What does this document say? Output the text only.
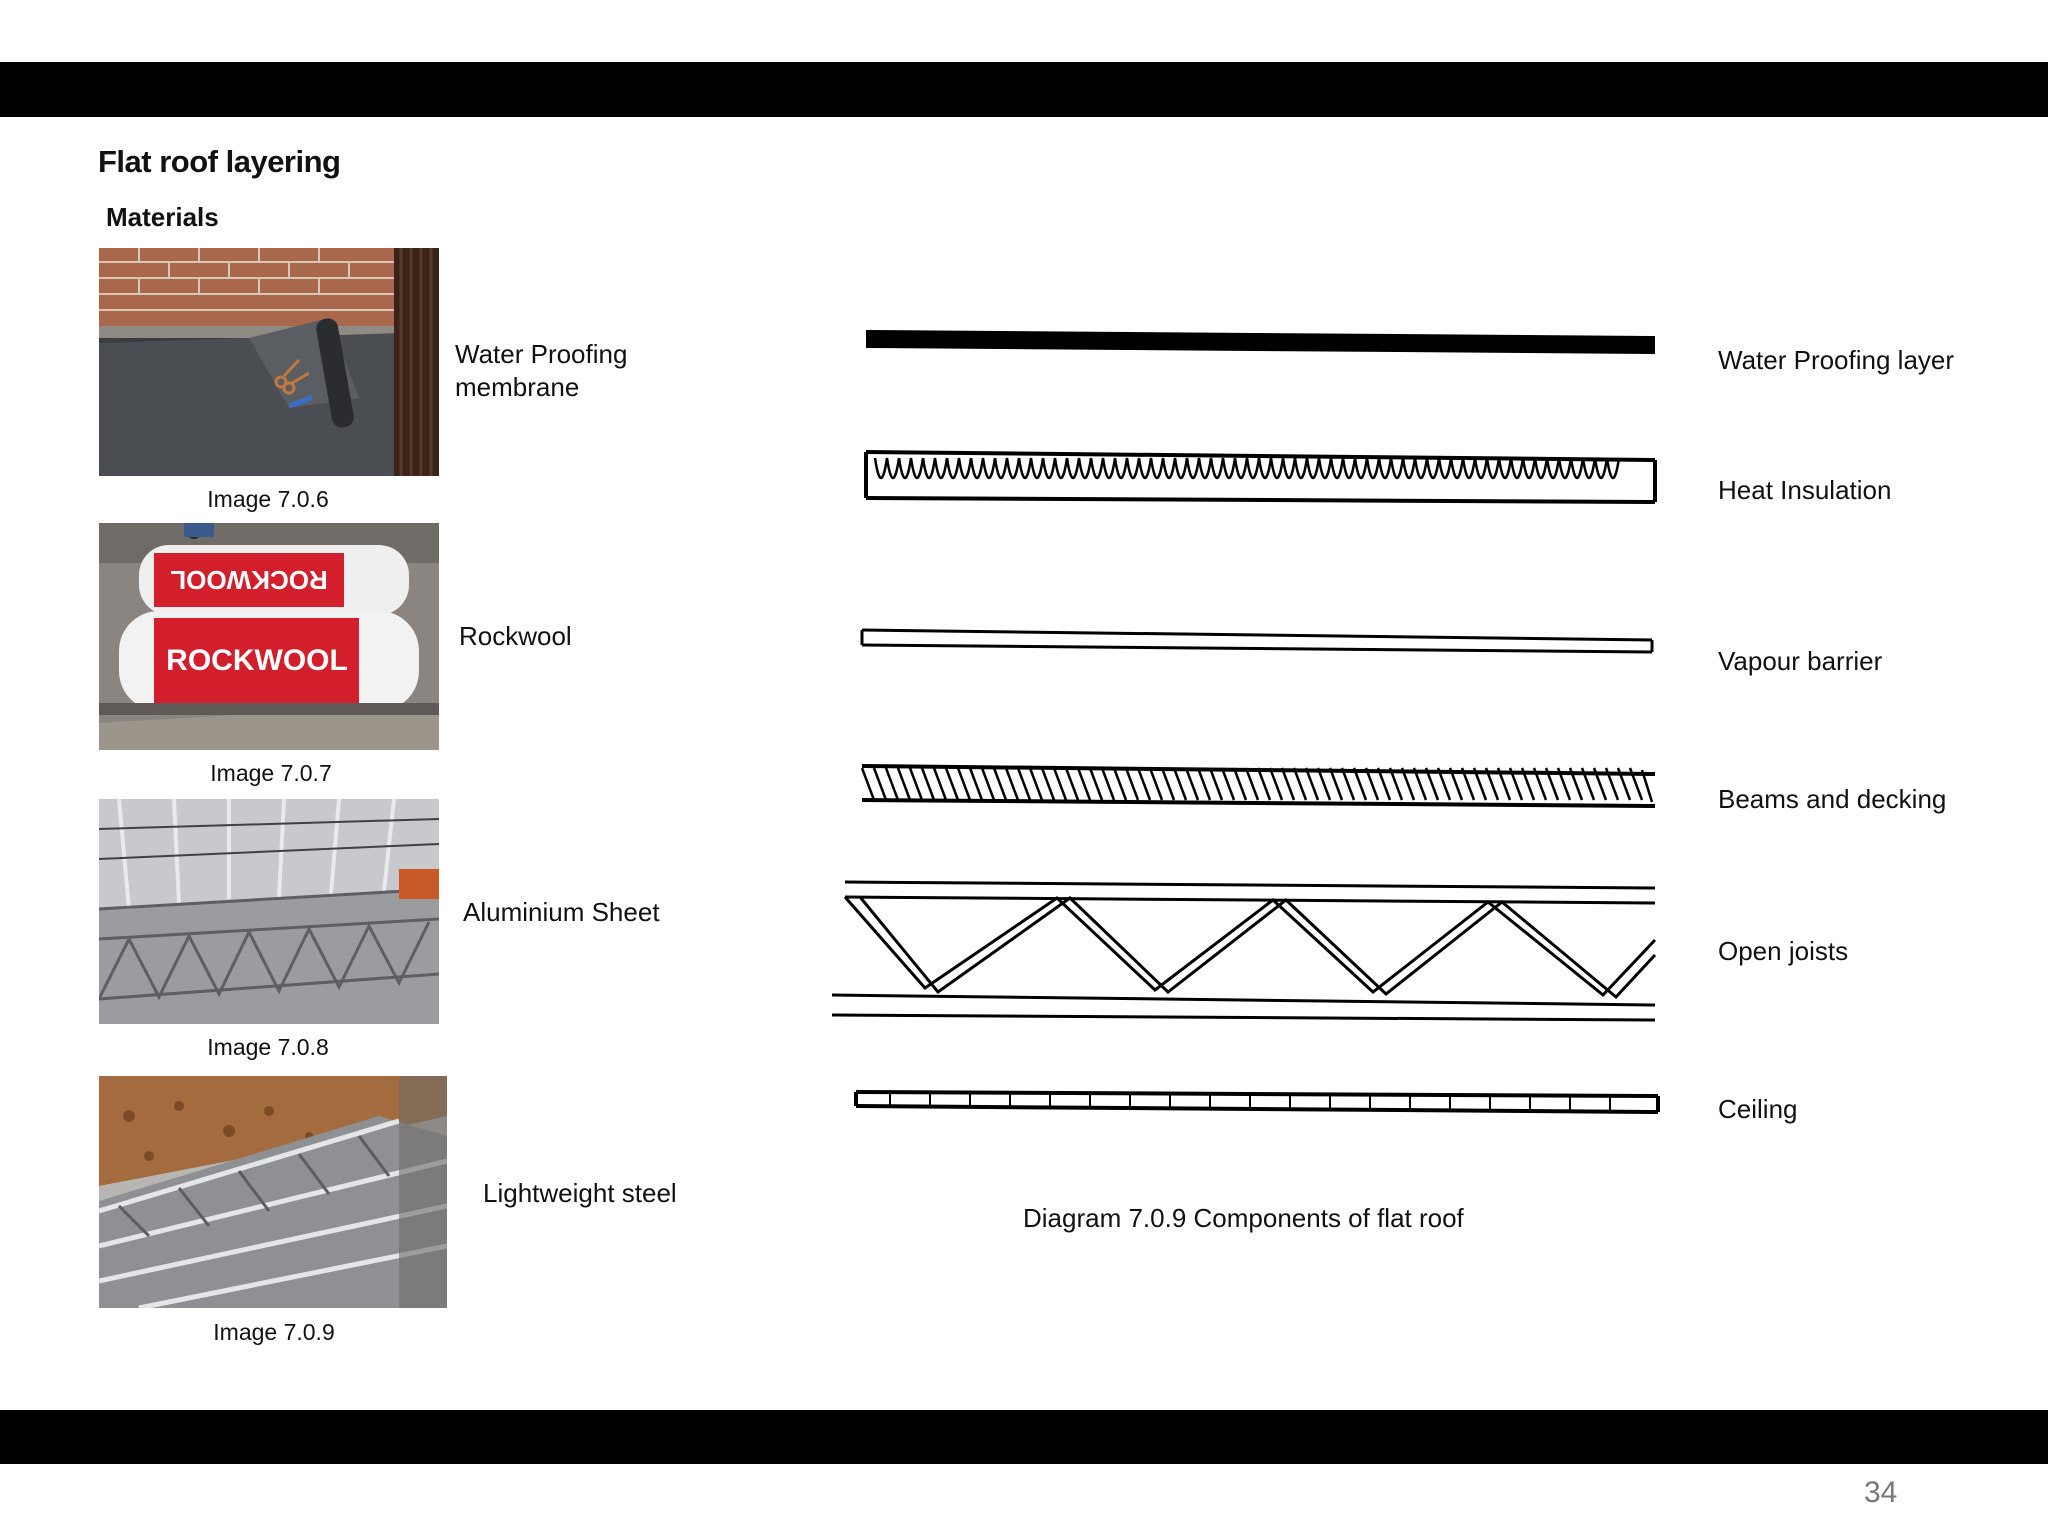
Flat roof layering
Materials
Image 7.0.6
Water Proofing
membrane
ROCKWOOL
ROCKWOOL
Image 7.0.7
Rockwool
Image 7.0.8
Aluminium Sheet
Image 7.0.9
Lightweight steel
Water Proofing layer
Heat Insulation
Vapour barrier
Beams and decking
Open joists
Ceiling
Diagram 7.0.9 Components of flat roof
34
